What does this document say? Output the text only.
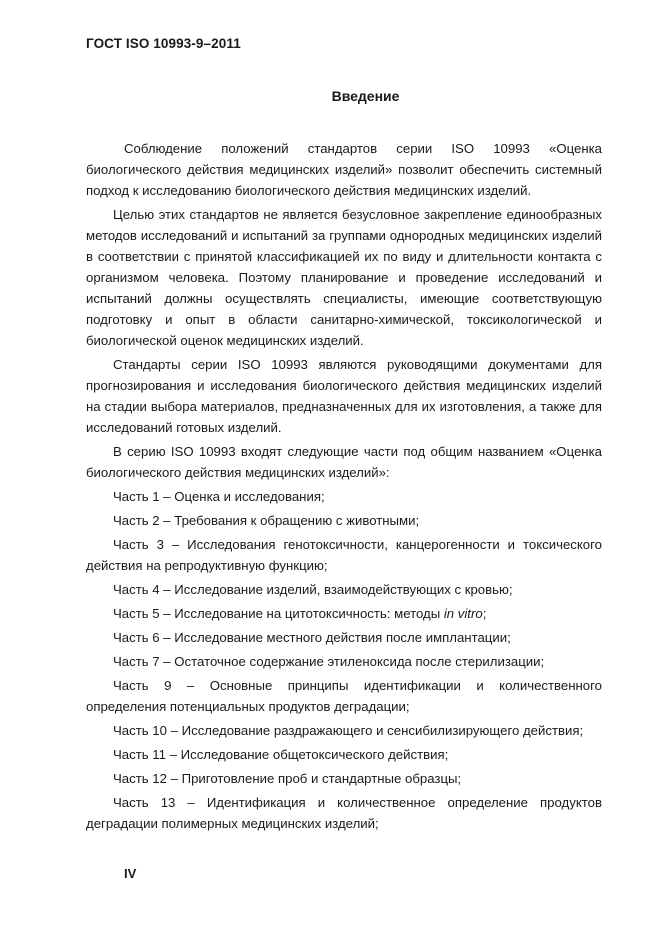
ГОСТ ISO 10993-9–2011
Введение

Соблюдение положений стандартов серии ISO 10993 «Оценка биологического действия медицинских изделий» позволит обеспечить системный подход к исследованию биологического действия медицинских изделий.

Целью этих стандартов не является безусловное закрепление единообразных методов исследований и испытаний за группами однородных медицинских изделий в соответствии с принятой классификацией их по виду и длительности контакта с организмом человека. Поэтому планирование и проведение исследований и испытаний должны осуществлять специалисты, имеющие соответствующую подготовку и опыт в области санитарно-химической, токсикологической и биологической оценок медицинских изделий.

Стандарты серии ISO 10993 являются руководящими документами для прогнозирования и исследования биологического действия медицинских изделий на стадии выбора материалов, предназначенных для их изготовления, а также для исследований готовых изделий.

В серию ISO 10993 входят следующие части под общим названием «Оценка биологического действия медицинских изделий»:

Часть 1 – Оценка и исследования;

Часть 2 – Требования к обращению с животными;

Часть 3 – Исследования генотоксичности, канцерогенности и токсического действия на репродуктивную функцию;

Часть 4 – Исследование изделий, взаимодействующих с кровью;

Часть 5 – Исследование на цитотоксичность: методы in vitro;

Часть 6 – Исследование местного действия после имплантации;

Часть 7 – Остаточное содержание этиленоксида после стерилизации;

Часть 9 – Основные принципы идентификации и количественного определения потенциальных продуктов деградации;

Часть 10 – Исследование раздражающего и сенсибилизирующего действия;

Часть 11 – Исследование общетоксического действия;

Часть 12 – Приготовление проб и стандартные образцы;

Часть 13 – Идентификация и количественное определение продуктов деградации полимерных медицинских изделий;

IV
